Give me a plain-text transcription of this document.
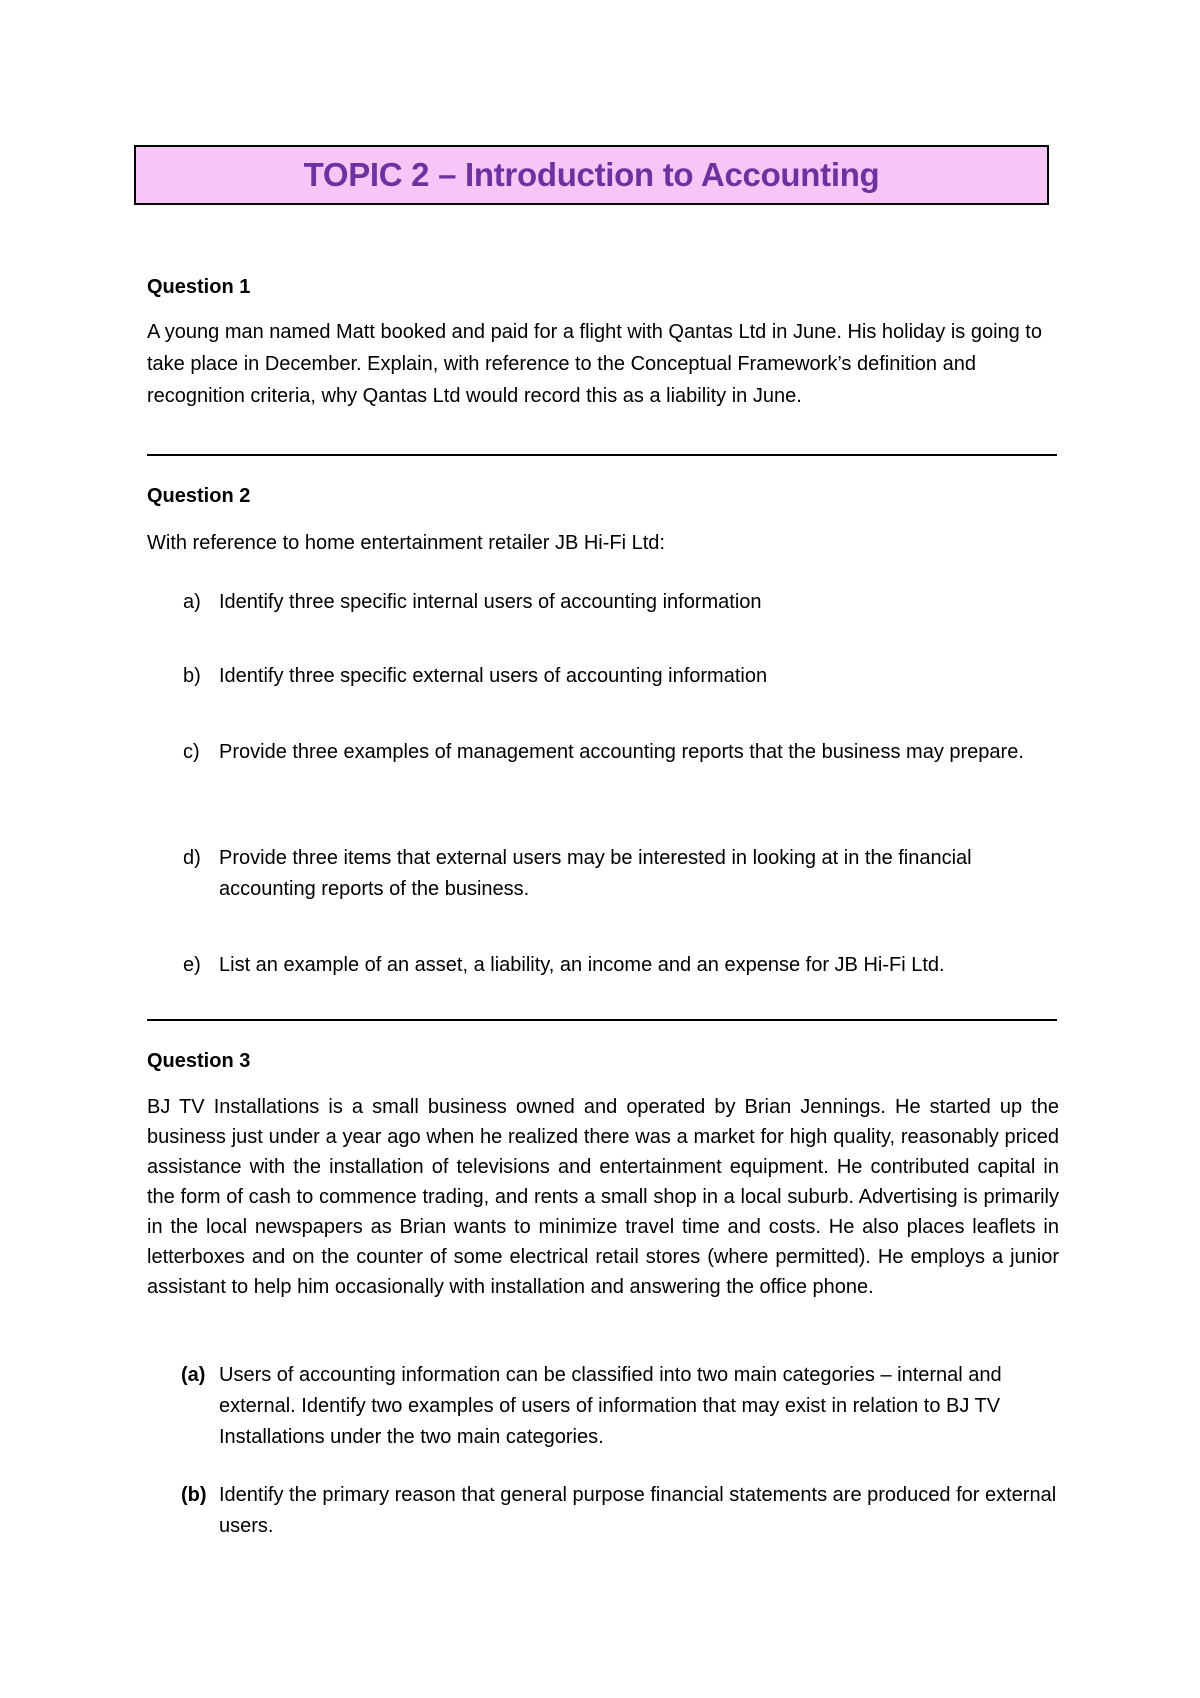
TOPIC 2 – Introduction to Accounting

Question 1

A young man named Matt booked and paid for a flight with Qantas Ltd in June. His holiday is going to take place in December. Explain, with reference to the Conceptual Framework’s definition and recognition criteria, why Qantas Ltd would record this as a liability in June.

Question 2

With reference to home entertainment retailer JB Hi-Fi Ltd:

a) Identify three specific internal users of accounting information
b) Identify three specific external users of accounting information
c) Provide three examples of management accounting reports that the business may prepare.
d) Provide three items that external users may be interested in looking at in the financial accounting reports of the business.
e) List an example of an asset, a liability, an income and an expense for JB Hi-Fi Ltd.

Question 3

BJ TV Installations is a small business owned and operated by Brian Jennings. He started up the business just under a year ago when he realized there was a market for high quality, reasonably priced assistance with the installation of televisions and entertainment equipment. He contributed capital in the form of cash to commence trading, and rents a small shop in a local suburb. Advertising is primarily in the local newspapers as Brian wants to minimize travel time and costs. He also places leaflets in letterboxes and on the counter of some electrical retail stores (where permitted). He employs a junior assistant to help him occasionally with installation and answering the office phone.

(a) Users of accounting information can be classified into two main categories – internal and external. Identify two examples of users of information that may exist in relation to BJ TV Installations under the two main categories.
(b) Identify the primary reason that general purpose financial statements are produced for external users.
